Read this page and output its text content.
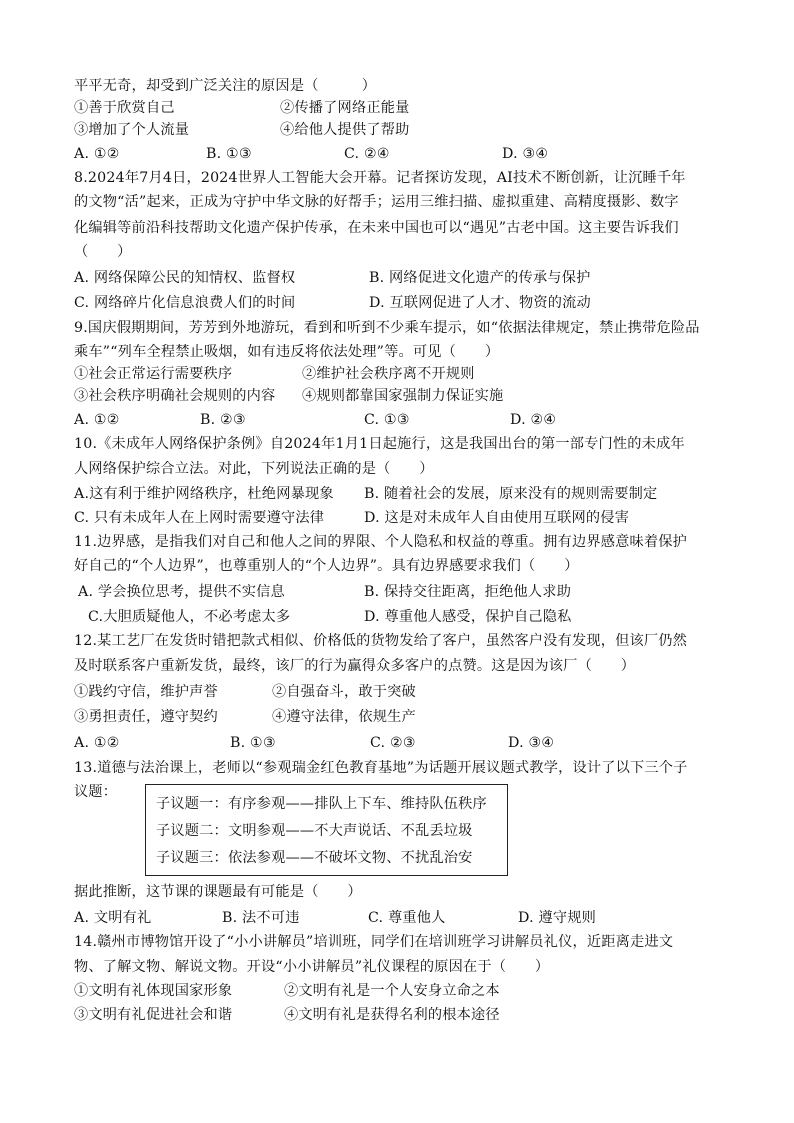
平平无奇，却受到广泛关注的原因是（　　　）
①善于欣赏自己	②传播了网络正能量
③增加了个人流量	④给他人提供了帮助
A. ①②	B. ①③	C. ②④	D. ③④
8.2024年7月4日，2024世界人工智能大会开幕。记者探访发现，AI技术不断创新，让沉睡千年
的文物“活”起来，正成为守护中华文脉的好帮手；运用三维扫描、虚拟重建、高精度摄影、数字
化编辑等前沿科技帮助文化遗产保护传承，在未来中国也可以“遇见”古老中国。这主要告诉我们
（　　）
A. 网络保障公民的知情权、监督权	B. 网络促进文化遗产的传承与保护
C. 网络碎片化信息浪费人们的时间	D. 互联网促进了人才、物资的流动
9.国庆假期期间，芳芳到外地游玩，看到和听到不少乘车提示，如“依据法律规定，禁止携带危险品
乘车”“列车全程禁止吸烟，如有违反将依法处理”等。可见（　　）
①社会正常运行需要秩序	②维护社会秩序离不开规则
③社会秩序明确社会规则的内容 ④规则都靠国家强制力保证实施
A. ①②	B. ②③	C. ①③	D. ②④
10.《未成年人网络保护条例》自2024年1月1日起施行，这是我国出台的第一部专门性的未成年
人网络保护综合立法。对此，下列说法正确的是（　　）
A.这有利于维护网络秩序，杜绝网暴现象 B. 随着社会的发展，原来没有的规则需要制定
C. 只有未成年人在上网时需要遵守法律	D. 这是对未成年人自由使用互联网的侵害
11.边界感，是指我们对自己和他人之间的界限、个人隐私和权益的尊重。拥有边界感意味着保护
好自己的“个人边界”，也尊重别人的“个人边界”。具有边界感要求我们（　　）
A. 学会换位思考，提供不实信息	B. 保持交往距离，拒绝他人求助
C.大胆质疑他人，不必考虑太多	D. 尊重他人感受，保护自己隐私
12.某工艺厂在发货时错把款式相似、价格低的货物发给了客户，虽然客户没有发现，但该厂仍然
及时联系客户重新发货，最终，该厂的行为赢得众多客户的点赞。这是因为该厂（　　）
①践约守信，维护声誉	②自强奋斗，敢于突破
③勇担责任，遵守契约	④遵守法律，依规生产
A. ①②	B. ①③	C. ②③	D. ③④
13.道德与法治课上，老师以“参观瑞金红色教育基地”为话题开展议题式教学，设计了以下三个子
议题：
子议题一：有序参观——排队上下车、维持队伍秩序
子议题二：文明参观——不大声说话、不乱丢垃圾
子议题三：依法参观——不破坏文物、不扰乱治安
据此推断，这节课的课题最有可能是（　　）
A. 文明有礼	B. 法不可违	C. 尊重他人	D. 遵守规则
14.赣州市博物馆开设了“小小讲解员”培训班，同学们在培训班学习讲解员礼仪，近距离走进文
物、了解文物、解说文物。开设“小小讲解员”礼仪课程的原因在于（　　）
①文明有礼体现国家形象	②文明有礼是一个人安身立命之本
③文明有礼促进社会和谐	④文明有礼是获得名利的根本途径
